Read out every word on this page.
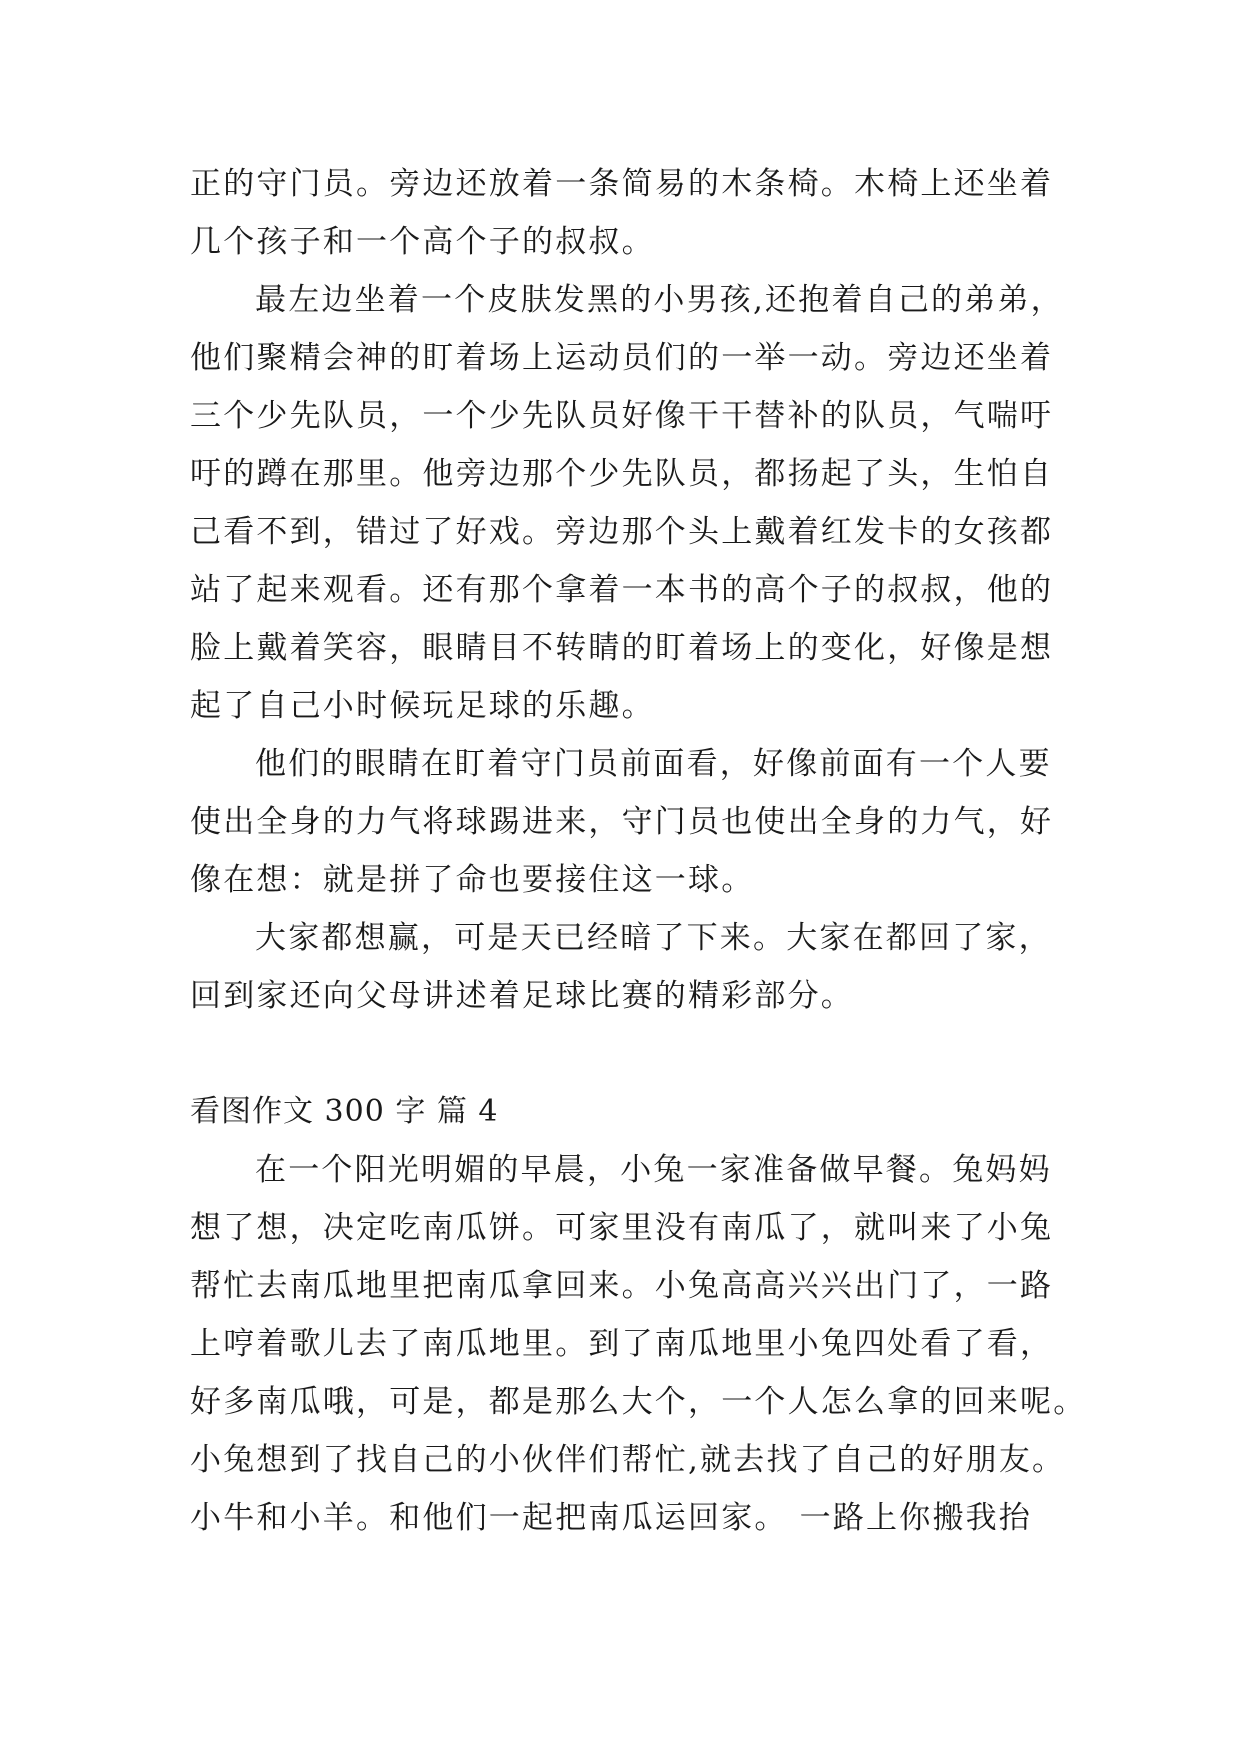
正的守门员。旁边还放着一条简易的木条椅。木椅上还坐着
几个孩子和一个高个子的叔叔。
最左边坐着一个皮肤发黑的小男孩,还抱着自己的弟弟，
他们聚精会神的盯着场上运动员们的一举一动。旁边还坐着
三个少先队员，一个少先队员好像干干替补的队员，气喘吁
吁的蹲在那里。他旁边那个少先队员，都扬起了头，生怕自
己看不到，错过了好戏。旁边那个头上戴着红发卡的女孩都
站了起来观看。还有那个拿着一本书的高个子的叔叔，他的
脸上戴着笑容，眼睛目不转睛的盯着场上的变化，好像是想
起了自己小时候玩足球的乐趣。
他们的眼睛在盯着守门员前面看，好像前面有一个人要
使出全身的力气将球踢进来，守门员也使出全身的力气，好
像在想：就是拼了命也要接住这一球。
大家都想赢，可是天已经暗了下来。大家在都回了家，
回到家还向父母讲述着足球比赛的精彩部分。
看图作文 300 字 篇 4
在一个阳光明媚的早晨，小兔一家准备做早餐。兔妈妈
想了想，决定吃南瓜饼。可家里没有南瓜了，就叫来了小兔
帮忙去南瓜地里把南瓜拿回来。小兔高高兴兴出门了，一路
上哼着歌儿去了南瓜地里。到了南瓜地里小兔四处看了看，
好多南瓜哦，可是，都是那么大个，一个人怎么拿的回来呢。
小兔想到了找自己的小伙伴们帮忙,就去找了自己的好朋友。
小牛和小羊。和他们一起把南瓜运回家。 一路上你搬我抬
